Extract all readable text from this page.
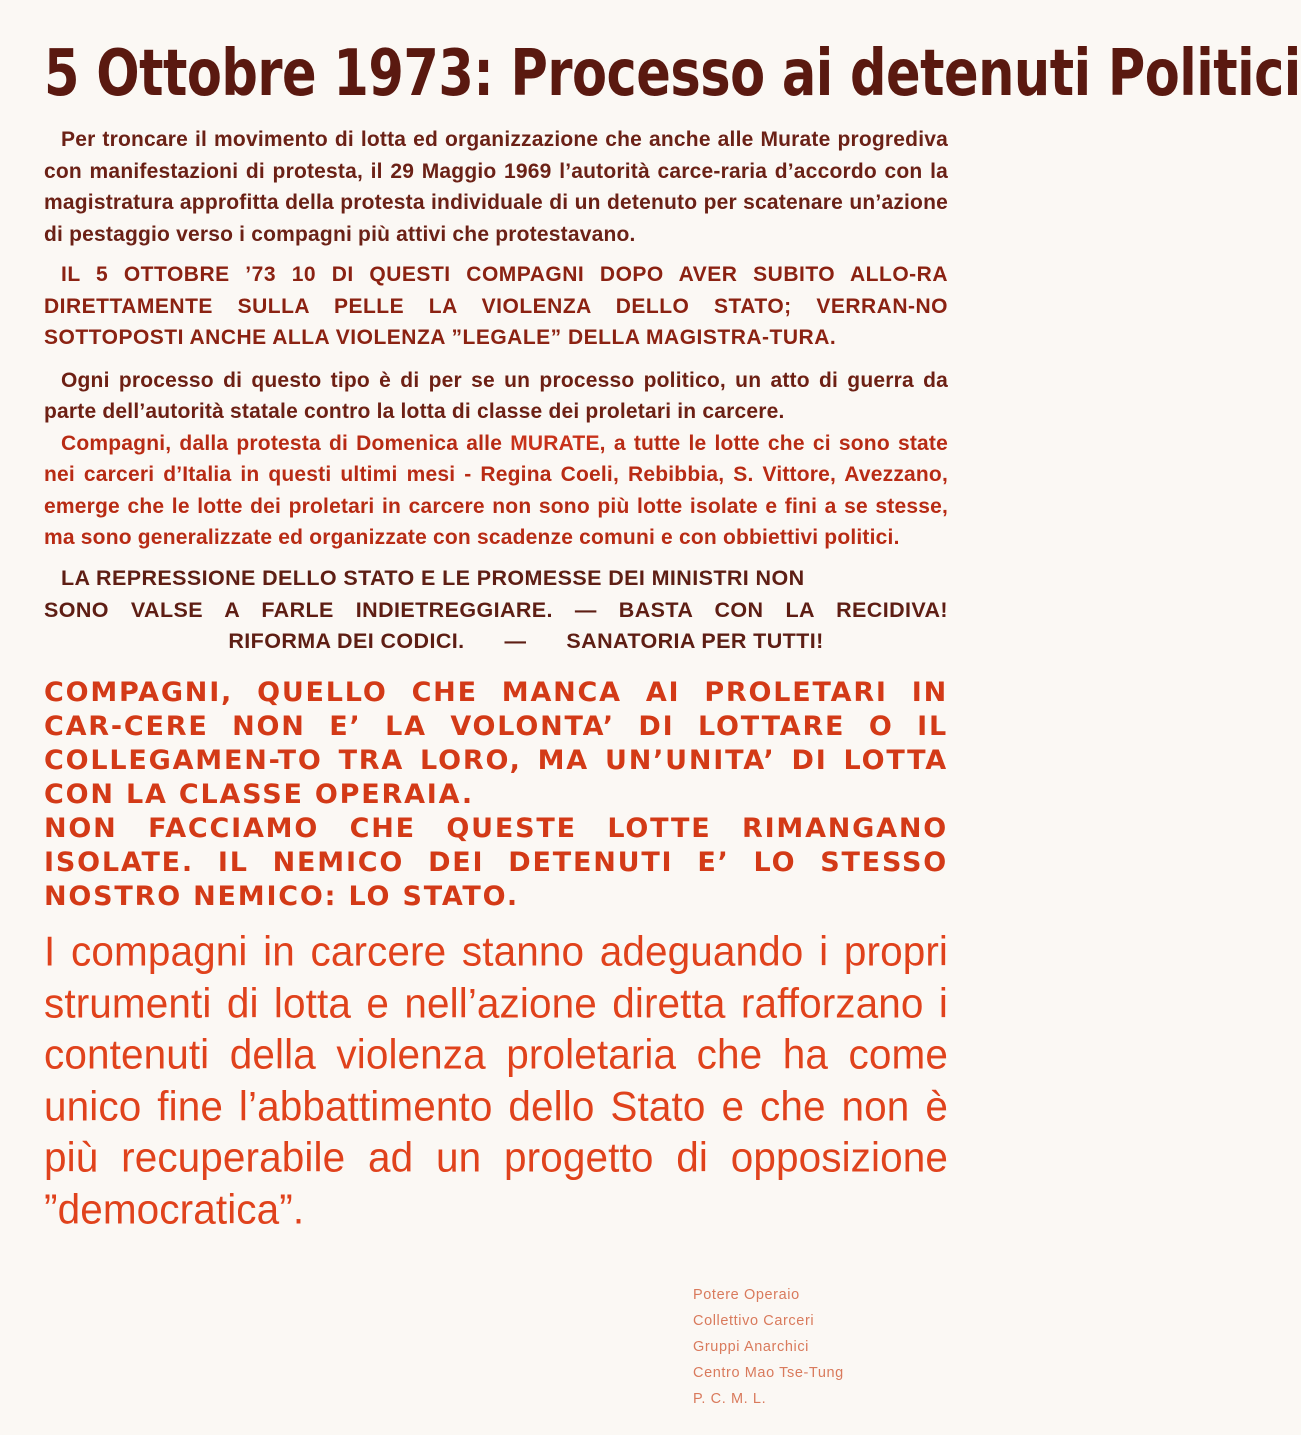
5 Ottobre 1973: Processo ai detenuti Politici

Per troncare il movimento di lotta ed organizzazione che anche alle Murate progrediva con manifestazioni di protesta, il 29 Maggio 1969 l’autorità carce-raria d’accordo con la magistratura approfitta della protesta individuale di un detenuto per scatenare un’azione di pestaggio verso i compagni più attivi che protestavano.

IL 5 OTTOBRE ’73 10 DI QUESTI COMPAGNI DOPO AVER SUBITO ALLO-RA DIRETTAMENTE SULLA PELLE LA VIOLENZA DELLO STATO; VERRAN-NO SOTTOPOSTI ANCHE ALLA VIOLENZA ”LEGALE” DELLA MAGISTRA-TURA.

Ogni processo di questo tipo è di per se un processo politico, un atto di guerra da parte dell’autorità statale contro la lotta di classe dei proletari in carcere.

Compagni, dalla protesta di Domenica alle MURATE, a tutte le lotte che ci sono state nei carceri d’Italia in questi ultimi mesi - Regina Coeli, Rebibbia, S. Vittore, Avezzano, emerge che le lotte dei proletari in carcere non sono più lotte isolate e fini a se stesse, ma sono generalizzate ed organizzate con scadenze comuni e con obbiettivi politici.

LA REPRESSIONE DELLO STATO E LE PROMESSE DEI MINISTRI NON

SONO VALSE A FARLE INDIETREGGIARE. — BASTA CON LA RECIDIVA!

RIFORMA DEI CODICI. — SANATORIA PER TUTTI!

COMPAGNI, QUELLO CHE MANCA AI PROLETARI IN CAR-CERE NON E’ LA VOLONTA’ DI LOTTARE O IL COLLEGAMEN-TO TRA LORO, MA UN’UNITA’ DI LOTTA CON LA CLASSE OPERAIA.

NON FACCIAMO CHE QUESTE LOTTE RIMANGANO ISOLATE. IL NEMICO DEI DETENUTI E’ LO STESSO NOSTRO NEMICO: LO STATO.

I compagni in carcere stanno adeguando i propri strumenti di lotta e nell’azione diretta rafforzano i contenuti della violenza proletaria che ha come unico fine l’abbattimento dello Stato e che non è più recuperabile ad un progetto di opposizione ”democratica”.

Potere Operaio
Collettivo Carceri
Gruppi Anarchici
Centro Mao Tse-Tung
P. C. M. L.
